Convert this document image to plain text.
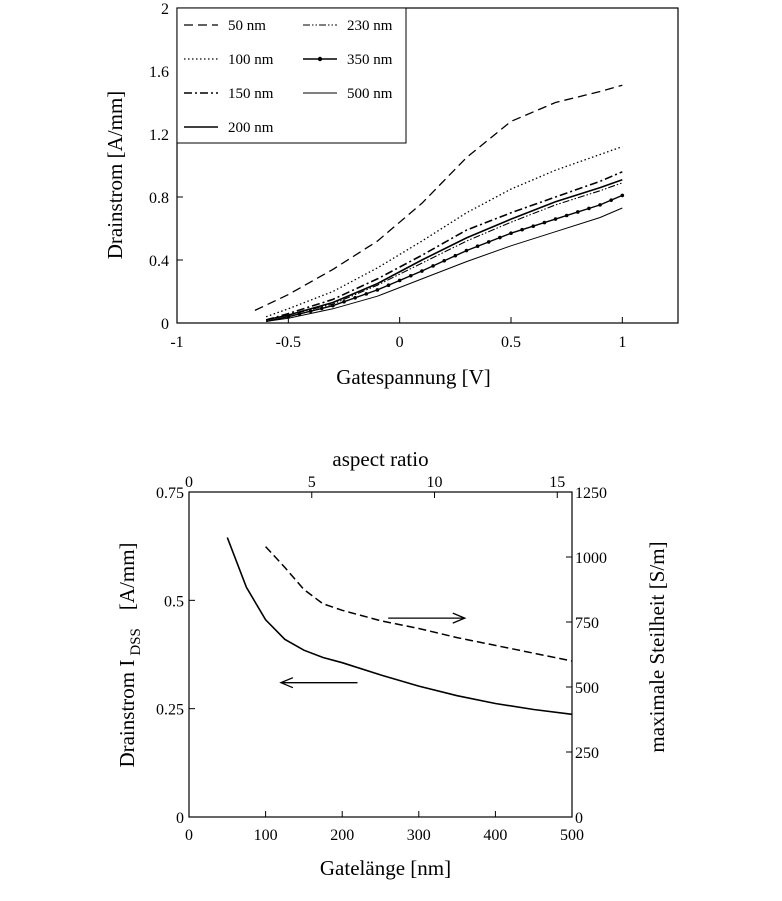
-1	-0.5	0	0.5	1
0
0.4
0.8
1.2
1.6
2
Gatespannung [V]
Drainstrom [A/mm]
50 nm
100 nm
150 nm
200 nm
230 nm
350 nm
500 nm
0	100	200	300	400	500
0	5	10	15
0
0.25
0.5
0.75
0
250
500
750
1000
1250
Gatelänge [nm]
aspect ratio
Drainstrom $I_{DSS}[A/mm]$	maximale Steilheit [S/m]
